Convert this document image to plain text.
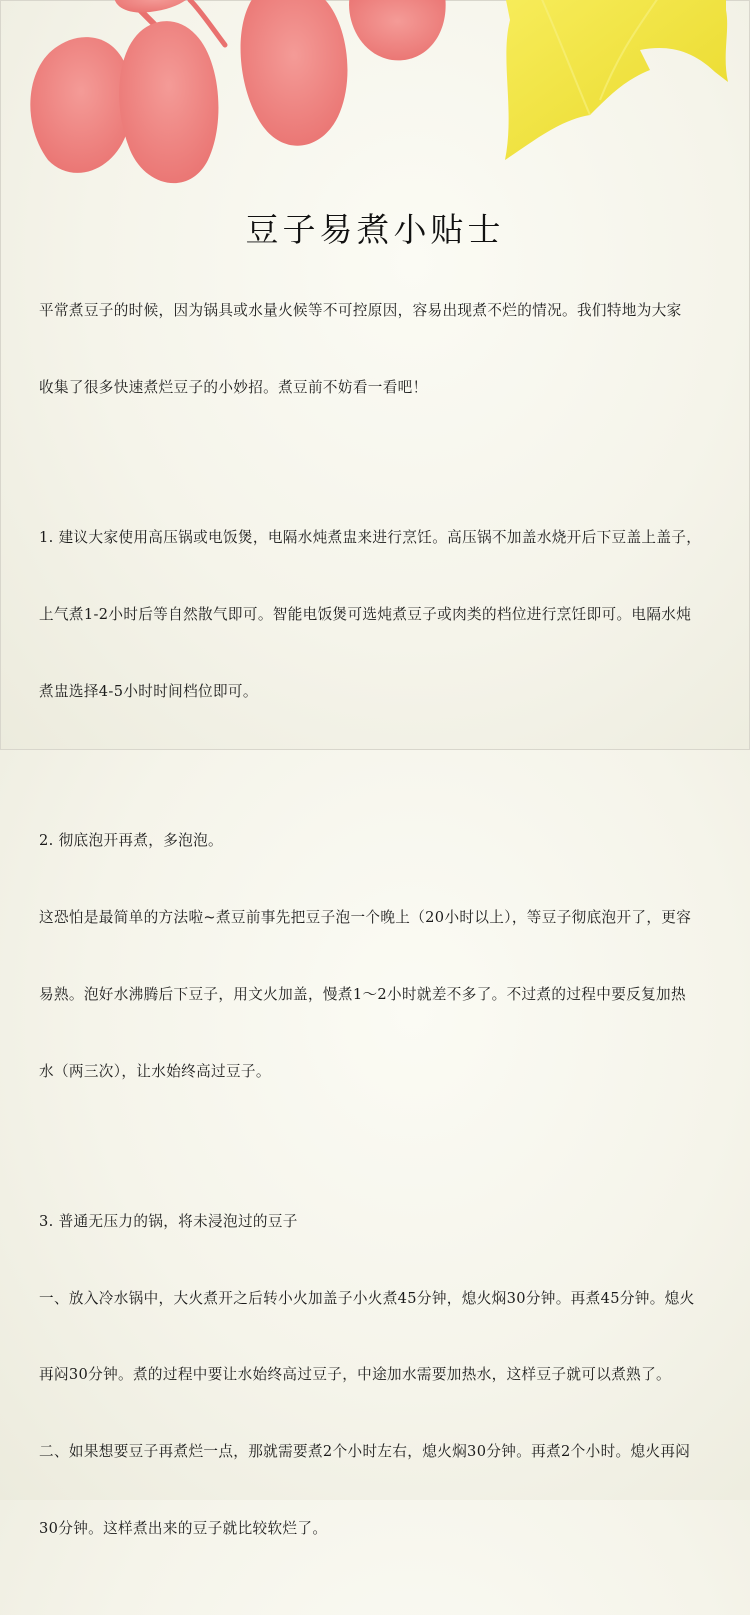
豆子易煮小贴士

平常煮豆子的时候，因为锅具或水量火候等不可控原因，容易出现煮不烂的情况。我们特地为大家

收集了很多快速煮烂豆子的小妙招。煮豆前不妨看一看吧！

1. 建议大家使用高压锅或电饭煲，电隔水炖煮盅来进行烹饪。高压锅不加盖水烧开后下豆盖上盖子，

上气煮1-2小时后等自然散气即可。智能电饭煲可选炖煮豆子或肉类的档位进行烹饪即可。电隔水炖

煮盅选择4-5小时时间档位即可。

2. 彻底泡开再煮，多泡泡。

这恐怕是最简单的方法啦~煮豆前事先把豆子泡一个晚上（20小时以上），等豆子彻底泡开了，更容

易熟。泡好水沸腾后下豆子，用文火加盖，慢煮1～2小时就差不多了。不过煮的过程中要反复加热

水（两三次），让水始终高过豆子。

3. 普通无压力的锅，将未浸泡过的豆子

一、放入冷水锅中，大火煮开之后转小火加盖子小火煮45分钟，熄火焖30分钟。再煮45分钟。熄火

再闷30分钟。煮的过程中要让水始终高过豆子，中途加水需要加热水，这样豆子就可以煮熟了。

二、如果想要豆子再煮烂一点，那就需要煮2个小时左右，熄火焖30分钟。再煮2个小时。熄火再闷

30分钟。这样煮出来的豆子就比较软烂了。
